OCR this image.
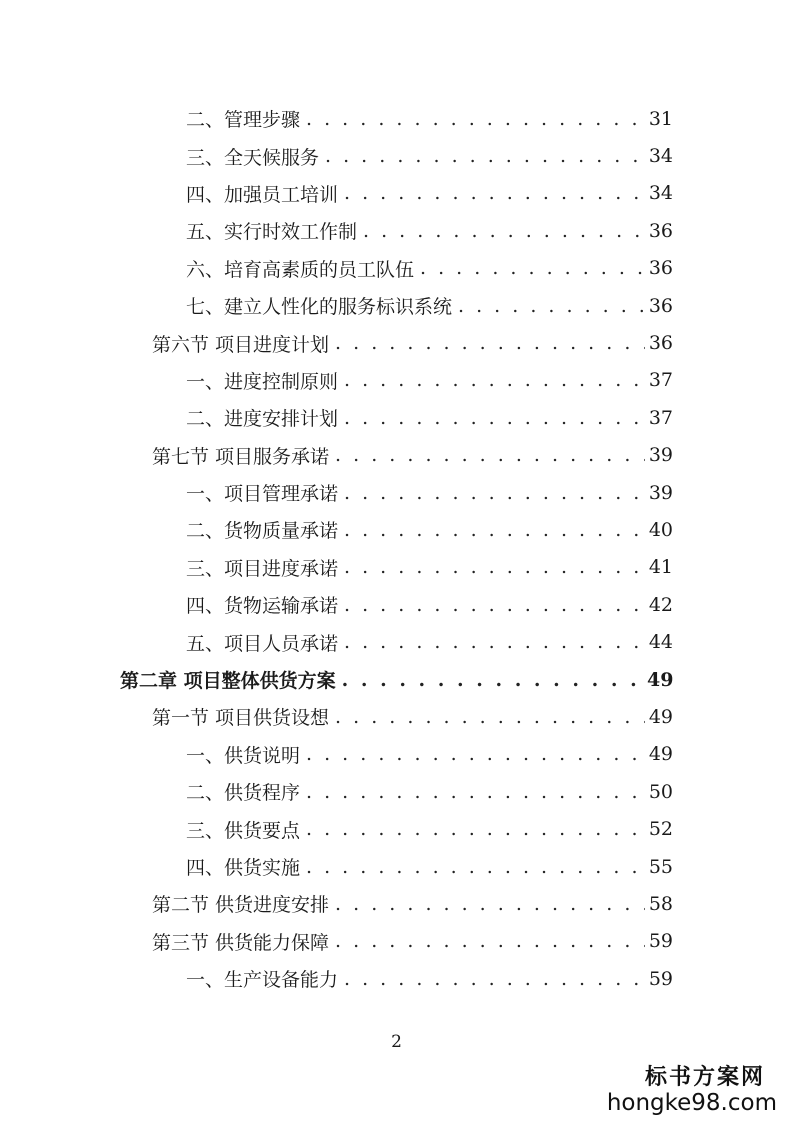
二、管理步骤 . . .	31
三、全天候服务 . . .	34
四、加强员工培训 . . .	34
五、实行时效工作制 . . .	36
六、培育高素质的员工队伍 . . .	36
七、建立人性化的服务标识系统 . . .	36
第六节 项目进度计划 . . .	36
一、进度控制原则 . . .	37
二、进度安排计划 . . .	37
第七节 项目服务承诺 . . .	39
一、项目管理承诺 . . .	39
二、货物质量承诺 . . .	40
三、项目进度承诺 . . .	41
四、货物运输承诺 . . .	42
五、项目人员承诺 . . .	44
第二章 项目整体供货方案 . . .	49
第一节 项目供货设想 . . .	49
一、供货说明 . . .	49
二、供货程序 . . .	50
三、供货要点 . . .	52
四、供货实施 . . .	55
第二节 供货进度安排 . . .	58
第三节 供货能力保障 . . .	59
一、生产设备能力 . . .	59
2
标书方案网
hongke98.com
